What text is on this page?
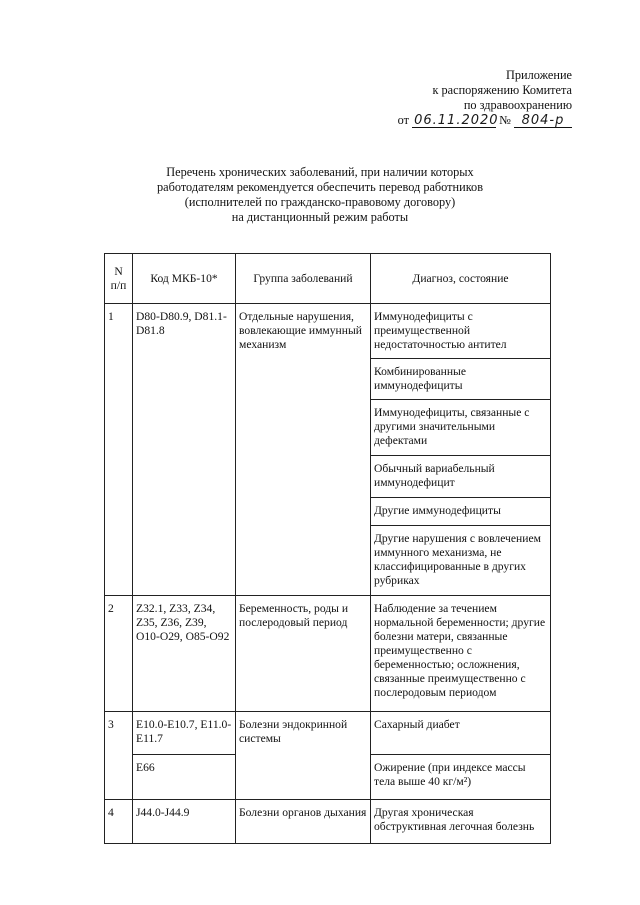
Приложение
к распоряжению Комитета
по здравоохранению
от 06.11.2020 № 804-р
Перечень хронических заболеваний, при наличии которых
работодателям рекомендуется обеспечить перевод работников
(исполнителей по гражданско-правовому договору)
на дистанционный режим работы
N
п/п	Код МКБ-10*	Группа заболеваний	Диагноз, состояние
1	D80-D80.9, D81.1-D81.8	Отдельные нарушения, вовлекающие иммунный механизм	Иммунодефициты с преимущественной недостаточностью антител
			Комбинированные иммунодефициты
			Иммунодефициты, связанные с другими значительными дефектами
			Обычный вариабельный иммунодефицит
			Другие иммунодефициты
			Другие нарушения с вовлечением иммунного механизма, не классифицированные в других рубриках
2	Z32.1, Z33, Z34, Z35, Z36, Z39, O10-O29, O85-O92	Беременность, роды и послеродовый период	Наблюдение за течением нормальной беременности; другие болезни матери, связанные преимущественно с беременностью; осложнения, связанные преимущественно с послеродовым периодом
3	E10.0-E10.7, E11.0-E11.7	Болезни эндокринной системы	Сахарный диабет
	E66		Ожирение (при индексе массы тела выше 40 кг/м²)
4	J44.0-J44.9	Болезни органов дыхания	Другая хроническая обструктивная легочная болезнь
